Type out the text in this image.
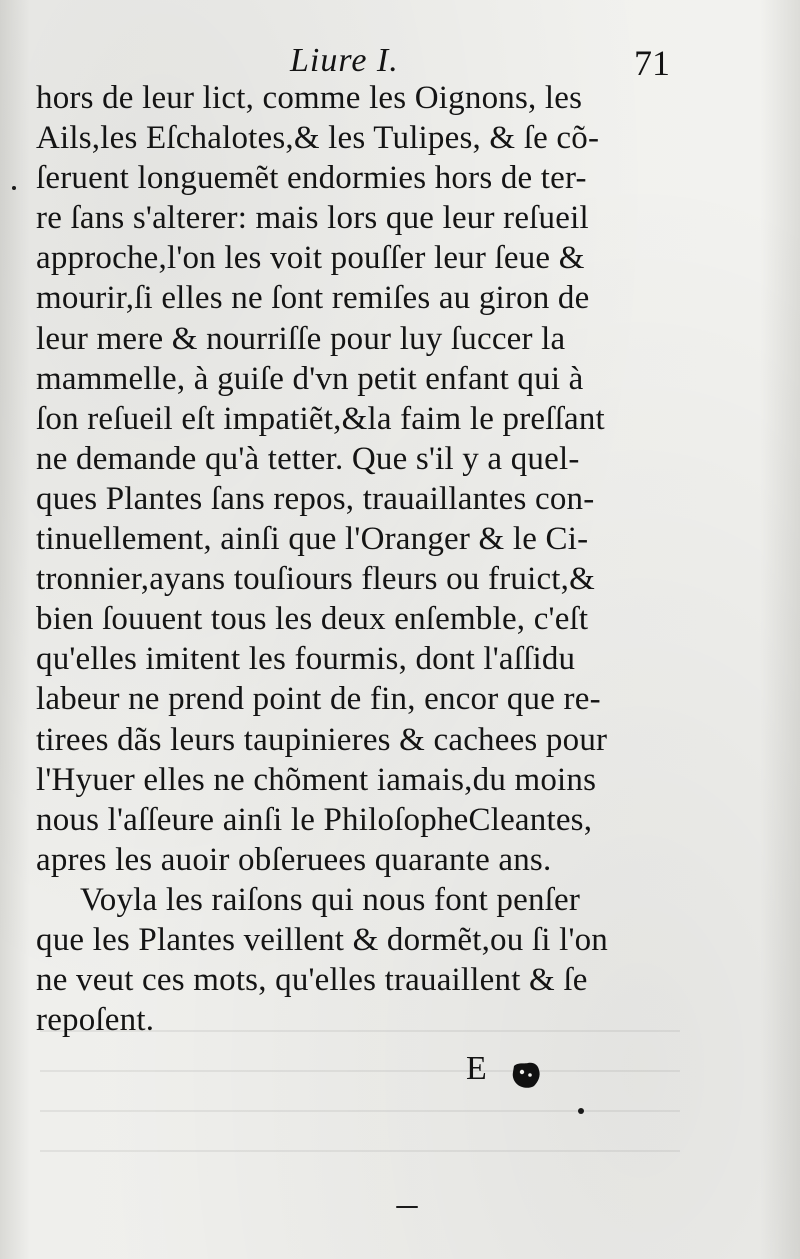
Liure I.	71
hors de leur lict, comme les Oignons, les
Ails,les Eſchalotes,& les Tulipes, & ſe cõ-
ſeruent longuemẽt endormies hors de ter-
re ſans s'alterer: mais lors que leur reſueil
approche,l'on les voit pouſſer leur ſeue &
mourir,ſi elles ne ſont remiſes au giron de
leur mere & nourriſſe pour luy ſuccer la
mammelle, à guiſe d'vn petit enfant qui à
ſon reſueil eſt impatiẽt,&la faim le preſſant
ne demande qu'à tetter. Que s'il y a quel-
ques Plantes ſans repos, trauaillantes con-
tinuellement, ainſi que l'Oranger & le Ci-
tronnier,ayans touſiours fleurs ou fruict,&
bien ſouuent tous les deux enſemble, c'eſt
qu'elles imitent les fourmis, dont l'aſſidu
labeur ne prend point de fin, encor que re-
tirees dãs leurs taupinieres & cachees pour
l'Hyuer elles ne chõment iamais,du moins
nous l'aſſeure ainſi le PhiloſopheCleantes,
apres les auoir obſeruees quarante ans.
Voyla les raiſons qui nous font penſer
que les Plantes veillent & dormẽt,ou ſi l'on
ne veut ces mots, qu'elles trauaillent & ſe
repoſent.
E
